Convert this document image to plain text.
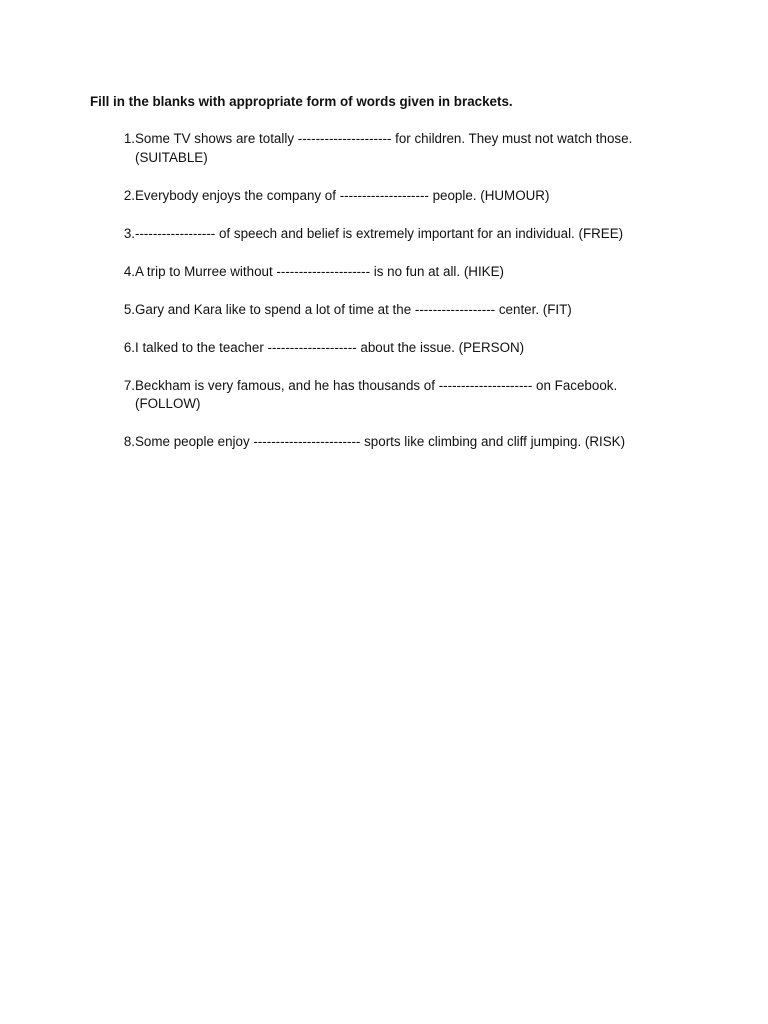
Fill in the blanks with appropriate form of words given in brackets.

1. Some TV shows are totally --------------------- for children. They must not watch those. (SUITABLE)
2. Everybody enjoys the company of -------------------- people. (HUMOUR)
3. ------------------ of speech and belief is extremely important for an individual. (FREE)
4. A trip to Murree without --------------------- is no fun at all. (HIKE)
5. Gary and Kara like to spend a lot of time at the ------------------ center. (FIT)
6. I talked to the teacher -------------------- about the issue. (PERSON)
7. Beckham is very famous, and he has thousands of --------------------- on Facebook. (FOLLOW)
8. Some people enjoy ------------------------ sports like climbing and cliff jumping. (RISK)
